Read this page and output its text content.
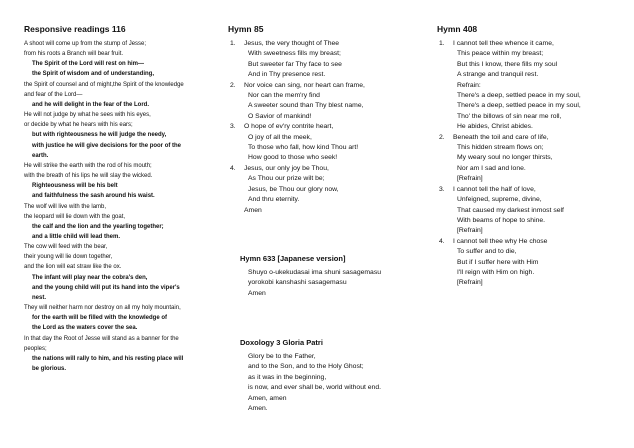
Responsive readings 116
A shoot will come up from the stump of Jesse;
from his roots a Branch will bear fruit.
The Spirit of the Lord will rest on him—
the Spirit of wisdom and of understanding,
the Spirit of counsel and of might,the Spirit of the knowledge
and fear of the Lord—
and he will delight in the fear of the Lord.
He will not judge by what he sees with his eyes,
or decide by what he hears with his ears;
but with righteousness he will judge the needy,
with justice he will give decisions for the poor of the
earth.
He will strike the earth with the rod of his mouth;
with the breath of his lips he will slay the wicked.
Righteousness will be his belt
and faithfulness the sash around his waist.
The wolf will live with the lamb,
the leopard will lie down with the goat,
the calf and the lion and the yearling together;
and a little child will lead them.
The cow will feed with the bear,
their young will lie down together,
and the lion will eat straw like the ox.
The infant will play near the cobra's den,
and the young child will put its hand into the viper's
nest.
They will neither harm nor destroy on all my holy mountain,
for the earth will be filled with the knowledge of
the Lord as the waters cover the sea.
In that day the Root of Jesse will stand as a banner for the
peoples;
the nations will rally to him, and his resting place will
be glorious.
Hymn 85
1. Jesus, the very thought of Thee
With sweetness fills my breast;
But sweeter far Thy face to see
And in Thy presence rest.
2. Nor voice can sing, nor heart can frame,
Nor can the mem'ry find
A sweeter sound than Thy blest name,
O Savior of mankind!
3. O hope of ev'ry contrite heart,
O joy of all the meek,
To those who fall, how kind Thou art!
How good to those who seek!
4. Jesus, our only joy be Thou,
As Thou our prize wilt be;
Jesus, be Thou our glory now,
And thru eternity.
Amen
Hymn 633 [Japanese version]
Shuyo o-ukekudasai ima shuni sasagemasu
yorokobi kanshashi sasagemasu
Amen
Doxology 3 Gloria Patri
Glory be to the Father,
and to the Son, and to the Holy Ghost;
as it was in the beginning,
is now, and ever shall be, world without end.
Amen, amen
Amen.
Hymn 408
1. I cannot tell thee whence it came,
This peace within my breast;
But this I know, there fills my soul
A strange and tranquil rest.
Refrain:
There's a deep, settled peace in my soul,
There's a deep, settled peace in my soul,
Tho' the billows of sin near me roll,
He abides, Christ abides.
2. Beneath the toil and care of life,
This hidden stream flows on;
My weary soul no longer thirsts,
Nor am I sad and lone.
[Refrain]
3. I cannot tell the half of love,
Unfeigned, supreme, divine,
That caused my darkest inmost self
With beams of hope to shine.
[Refrain]
4. I cannot tell thee why He chose
To suffer and to die,
But if I suffer here with Him
I'll reign with Him on high.
[Refrain]
